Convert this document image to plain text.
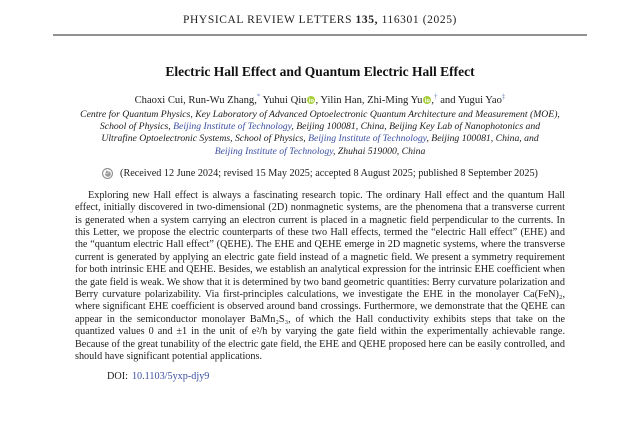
PHYSICAL REVIEW LETTERS 135, 116301 (2025)
Electric Hall Effect and Quantum Electric Hall Effect
Chaoxi Cui, Run-Wu Zhang,* Yuhui Qiu , Yilin Han, Zhi-Ming Yu ,† and Yugui Yao‡
Centre for Quantum Physics, Key Laboratory of Advanced Optoelectronic Quantum Architecture and Measurement (MOE),
School of Physics, Beijing Institute of Technology, Beijing 100081, China, Beijing Key Lab of Nanophotonics and
Ultrafine Optoelectronic Systems, School of Physics, Beijing Institute of Technology, Beijing 100081, China, and
Beijing Institute of Technology, Zhuhai 519000, China
(Received 12 June 2024; revised 15 May 2025; accepted 8 August 2025; published 8 September 2025)

Exploring new Hall effect is always a fascinating research topic. The ordinary Hall effect and the quantum Hall effect, initially discovered in two-dimensional (2D) nonmagnetic systems, are the phenomena that a transverse current is generated when a system carrying an electron current is placed in a magnetic field perpendicular to the currents. In this Letter, we propose the electric counterparts of these two Hall effects, termed the “electric Hall effect” (EHE) and the “quantum electric Hall effect” (QEHE). The EHE and QEHE emerge in 2D magnetic systems, where the transverse current is generated by applying an electric gate field instead of a magnetic field. We present a symmetry requirement for both intrinsic EHE and QEHE. Besides, we establish an analytical expression for the intrinsic EHE coefficient when the gate field is weak. We show that it is determined by two band geometric quantities: Berry curvature polarization and Berry curvature polarizability. Via first-principles calculations, we investigate the EHE in the monolayer Ca(FeN)₂, where significant EHE coefficient is observed around band crossings. Furthermore, we demonstrate that the QEHE can appear in the semiconductor monolayer BaMn₂S₃, of which the Hall conductivity exhibits steps that take on the quantized values 0 and ±1 in the unit of e²/h by varying the gate field within the experimentally achievable range. Because of the great tunability of the electric gate field, the EHE and QEHE proposed here can be easily controlled, and should have significant potential applications.

DOI: 10.1103/5yxp-djy9
